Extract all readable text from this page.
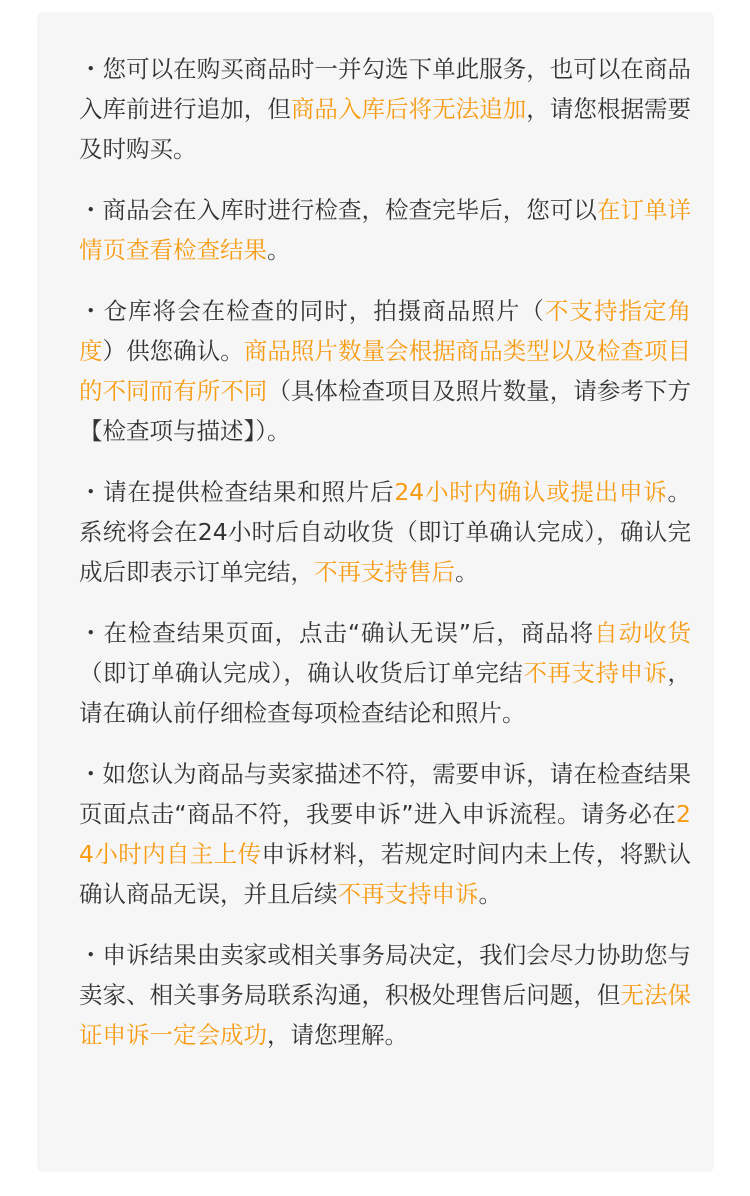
・您可以在购买商品时一并勾选下单此服务，也可以在商品入库前进行追加，但商品入库后将无法追加，请您根据需要及时购买。
・商品会在入库时进行检查，检查完毕后，您可以在订单详情页查看检查结果。
・仓库将会在检查的同时，拍摄商品照片（不支持指定角度）供您确认。商品照片数量会根据商品类型以及检查项目的不同而有所不同（具体检查项目及照片数量，请参考下方【检查项与描述】）。
・请在提供检查结果和照片后24小时内确认或提出申诉。系统将会在24小时后自动收货（即订单确认完成），确认完成后即表示订单完结，不再支持售后。
・在检查结果页面，点击“确认无误”后，商品将自动收货（即订单确认完成），确认收货后订单完结不再支持申诉，请在确认前仔细检查每项检查结论和照片。
・如您认为商品与卖家描述不符，需要申诉，请在检查结果页面点击“商品不符，我要申诉”进入申诉流程。请务必在24小时内自主上传申诉材料，若规定时间内未上传，将默认确认商品无误，并且后续不再支持申诉。
・申诉结果由卖家或相关事务局决定，我们会尽力协助您与卖家、相关事务局联系沟通，积极处理售后问题，但无法保证申诉一定会成功，请您理解。
